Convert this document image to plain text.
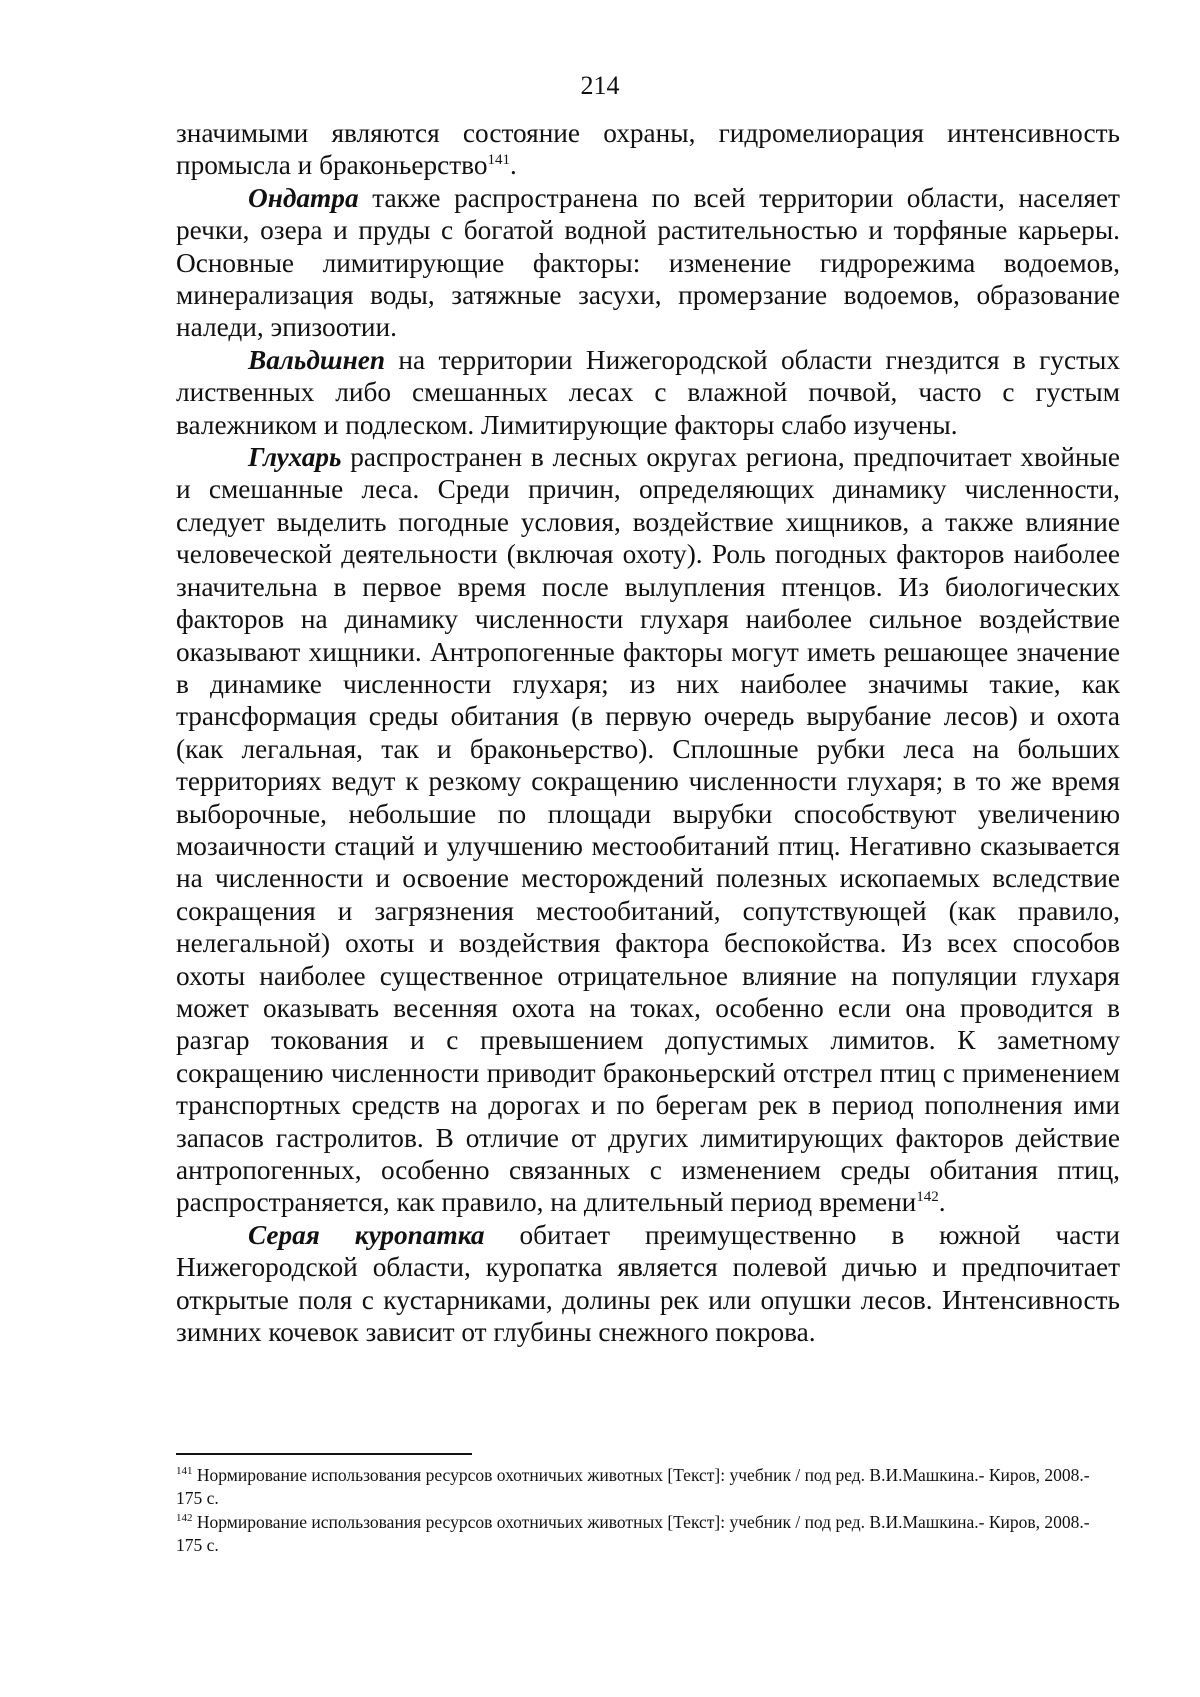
214

значимыми являются состояние охраны, гидромелиорация интенсивность промысла и браконьерство$^{141}$.

Ондатра также распространена по всей территории области, населяет речки, озера и пруды с богатой водной растительностью и торфяные карьеры. Основные лимитирующие факторы: изменение гидрорежима водоемов, минерализация воды, затяжные засухи, промерзание водоемов, образование наледи, эпизоотии.

Вальдшнеп на территории Нижегородской области гнездится в густых лиственных либо смешанных лесах с влажной почвой, часто с густым валежником и подлеском. Лимитирующие факторы слабо изучены.

Глухарь распространен в лесных округах региона, предпочитает хвойные и смешанные леса. Среди причин, определяющих динамику численности, следует выделить погодные условия, воздействие хищников, а также влияние человеческой деятельности (включая охоту). Роль погодных факторов наиболее значительна в первое время после вылупления птенцов. Из биологических факторов на динамику численности глухаря наиболее сильное воздействие оказывают хищники. Антропогенные факторы могут иметь решающее значение в динамике численности глухаря; из них наиболее значимы такие, как трансформация среды обитания (в первую очередь вырубание лесов) и охота (как легальная, так и браконьерство). Сплошные рубки леса на больших территориях ведут к резкому сокращению численности глухаря; в то же время выборочные, небольшие по площади вырубки способствуют увеличению мозаичности стаций и улучшению местообитаний птиц. Негативно сказывается на численности и освоение месторождений полезных ископаемых вследствие сокращения и загрязнения местообитаний, сопутствующей (как правило, нелегальной) охоты и воздействия фактора беспокойства. Из всех способов охоты наиболее существенное отрицательное влияние на популяции глухаря может оказывать весенняя охота на токах, особенно если она проводится в разгар токования и с превышением допустимых лимитов. К заметному сокращению численности приводит браконьерский отстрел птиц с применением транспортных средств на дорогах и по берегам рек в период пополнения ими запасов гастролитов. В отличие от других лимитирующих факторов действие антропогенных, особенно связанных с изменением среды обитания птиц, распространяется, как правило, на длительный период времени$^{142}$.

Серая куропатка обитает преимущественно в южной части Нижегородской области, куропатка является полевой дичью и предпочитает открытые поля с кустарниками, долины рек или опушки лесов. Интенсивность зимних кочевок зависит от глубины снежного покрова.

$^{141}$ Нормирование использования ресурсов охотничьих животных [Текст]: учебник / под ред. В.И.Машкина.- Киров, 2008.- 175 с.

$^{142}$ Нормирование использования ресурсов охотничьих животных [Текст]: учебник / под ред. В.И.Машкина.- Киров, 2008.- 175 с.
